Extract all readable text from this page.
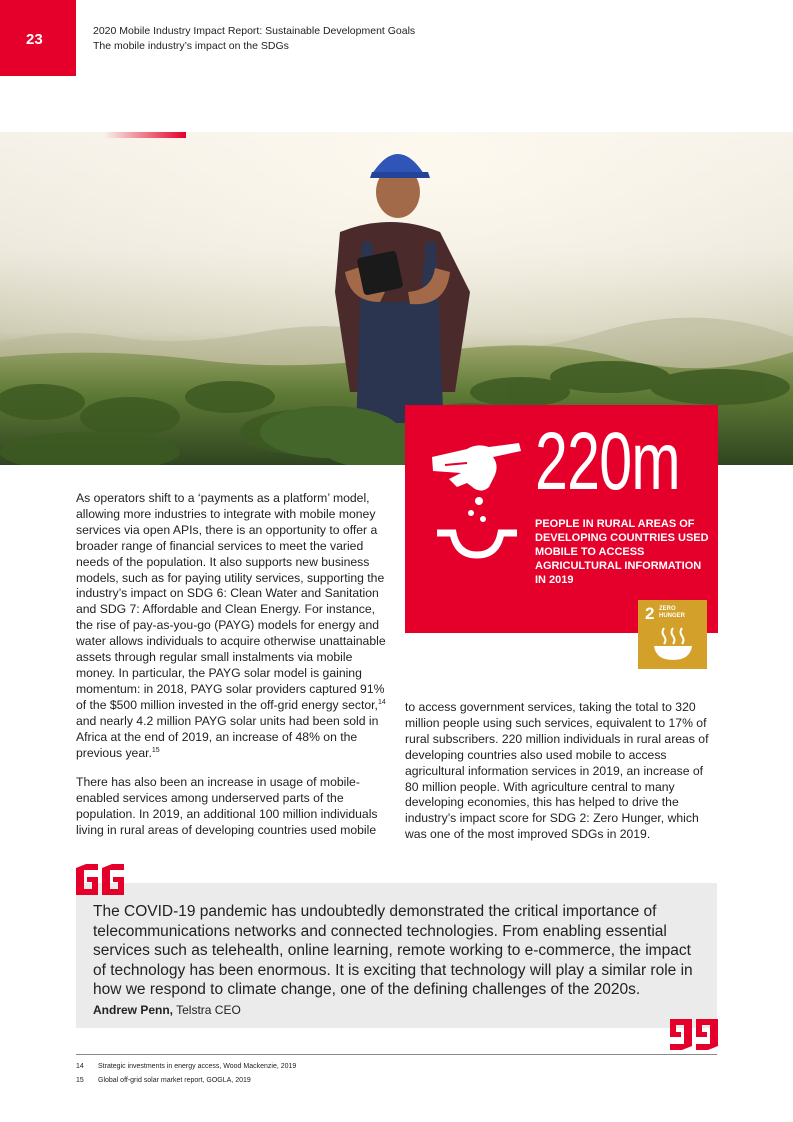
23	2020 Mobile Industry Impact Report: Sustainable Development Goals
The mobile industry’s impact on the SDGs
220m
PEOPLE IN RURAL AREAS OF DEVELOPING COUNTRIES USED MOBILE TO ACCESS AGRICULTURAL INFORMATION IN 2019
2 ZERO HUNGER

As operators shift to a ‘payments as a platform’ model, allowing more industries to integrate with mobile money services via open APIs, there is an opportunity to offer a broader range of financial services to meet the varied needs of the population. It also supports new business models, such as for paying utility services, supporting the industry’s impact on SDG 6: Clean Water and Sanitation and SDG 7: Affordable and Clean Energy. For instance, the rise of pay-as-you-go (PAYG) models for energy and water allows individuals to acquire otherwise unattainable assets through regular small instalments via mobile money. In particular, the PAYG solar model is gaining momentum: in 2018, PAYG solar providers captured 91% of the $500 million invested in the off-grid energy sector,$^{14}$ and nearly 4.2 million PAYG solar units had been sold in Africa at the end of 2019, an increase of 48% on the previous year.$^{15}$

There has also been an increase in usage of mobile-enabled services among underserved parts of the population. In 2019, an additional 100 million individuals living in rural areas of developing countries used mobile

to access government services, taking the total to 320 million people using such services, equivalent to 17% of rural subscribers. 220 million individuals in rural areas of developing countries also used mobile to access agricultural information services in 2019, an increase of 80 million people. With agriculture central to many developing economies, this has helped to drive the industry’s impact score for SDG 2: Zero Hunger, which was one of the most improved SDGs in 2019.

The COVID-19 pandemic has undoubtedly demonstrated the critical importance of telecommunications networks and connected technologies. From enabling essential services such as telehealth, online learning, remote working to e-commerce, the impact of technology has been enormous. It is exciting that technology will play a similar role in how we respond to climate change, one of the defining challenges of the 2020s.
Andrew Penn, Telstra CEO
14 Strategic investments in energy access, Wood Mackenzie, 2019
15 Global off-grid solar market report, GOGLA, 2019
